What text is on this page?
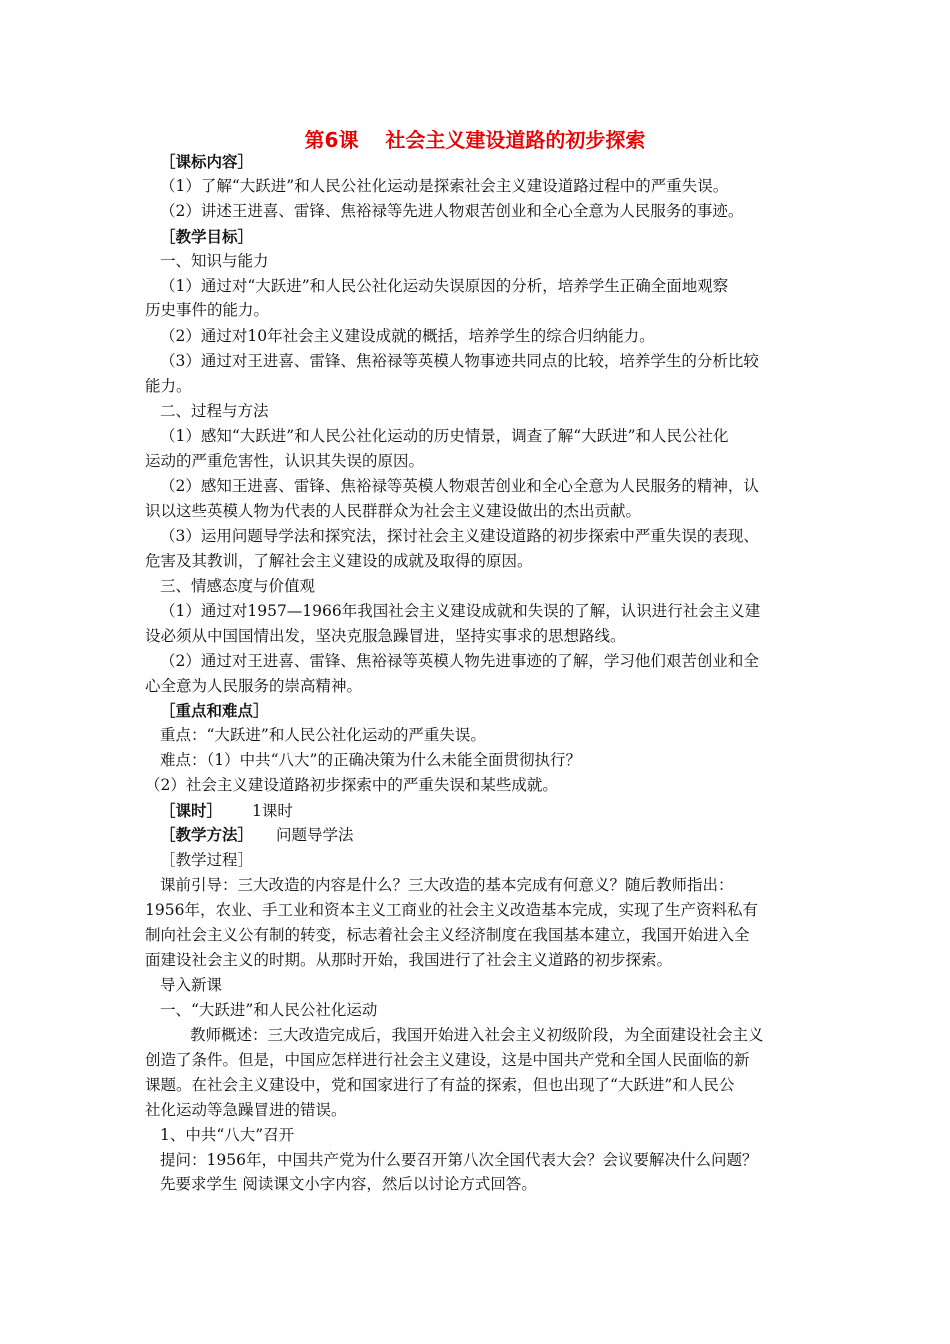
第6课　 社会主义建设道路的初步探索
［课标内容］
（1）了解“大跃进”和人民公社化运动是探索社会主义建设道路过程中的严重失误。
（2）讲述王进喜、雷锋、焦裕禄等先进人物艰苦创业和全心全意为人民服务的事迹。
［教学目标］
一、知识与能力
（1）通过对“大跃进”和人民公社化运动失误原因的分析，培养学生正确全面地观察
历史事件的能力。
（2）通过对10年社会主义建设成就的概括，培养学生的综合归纳能力。
（3）通过对王进喜、雷锋、焦裕禄等英模人物事迹共同点的比较，培养学生的分析比较
能力。
二、过程与方法
（1）感知“大跃进”和人民公社化运动的历史情景，调查了解“大跃进”和人民公社化
运动的严重危害性，认识其失误的原因。
（2）感知王进喜、雷锋、焦裕禄等英模人物艰苦创业和全心全意为人民服务的精神，认
识以这些英模人物为代表的人民群群众为社会主义建设做出的杰出贡献。
（3）运用问题导学法和探究法，探讨社会主义建设道路的初步探索中严重失误的表现、
危害及其教训，了解社会主义建设的成就及取得的原因。
三、情感态度与价值观
（1）通过对1957—1966年我国社会主义建设成就和失误的了解，认识进行社会主义建
设必须从中国国情出发，坚决克服急躁冒进，坚持实事求的思想路线。
（2）通过对王进喜、雷锋、焦裕禄等英模人物先进事迹的了解，学习他们艰苦创业和全
心全意为人民服务的崇高精神。
［重点和难点］
重点：“大跃进”和人民公社化运动的严重失误。
难点：（1）中共“八大”的正确决策为什么未能全面贯彻执行？
（2）社会主义建设道路初步探索中的严重失误和某些成就。
［课时］ 1课时
［教学方法］ 问题导学法
［教学过程］
课前引导：三大改造的内容是什么？三大改造的基本完成有何意义？随后教师指出：
1956年，农业、手工业和资本主义工商业的社会主义改造基本完成，实现了生产资料私有
制向社会主义公有制的转变，标志着社会主义经济制度在我国基本建立，我国开始进入全
面建设社会主义的时期。从那时开始，我国进行了社会主义道路的初步探索。
导入新课
一、“大跃进”和人民公社化运动
教师概述：三大改造完成后，我国开始进入社会主义初级阶段，为全面建设社会主义
创造了条件。但是，中国应怎样进行社会主义建设，这是中国共产党和全国人民面临的新
课题。在社会主义建设中，党和国家进行了有益的探索，但也出现了“大跃进”和人民公
社化运动等急躁冒进的错误。
1、中共“八大”召开
提问：1956年，中国共产党为什么要召开第八次全国代表大会？会议要解决什么问题？
先要求学生 阅读课文小字内容，然后以讨论方式回答。
